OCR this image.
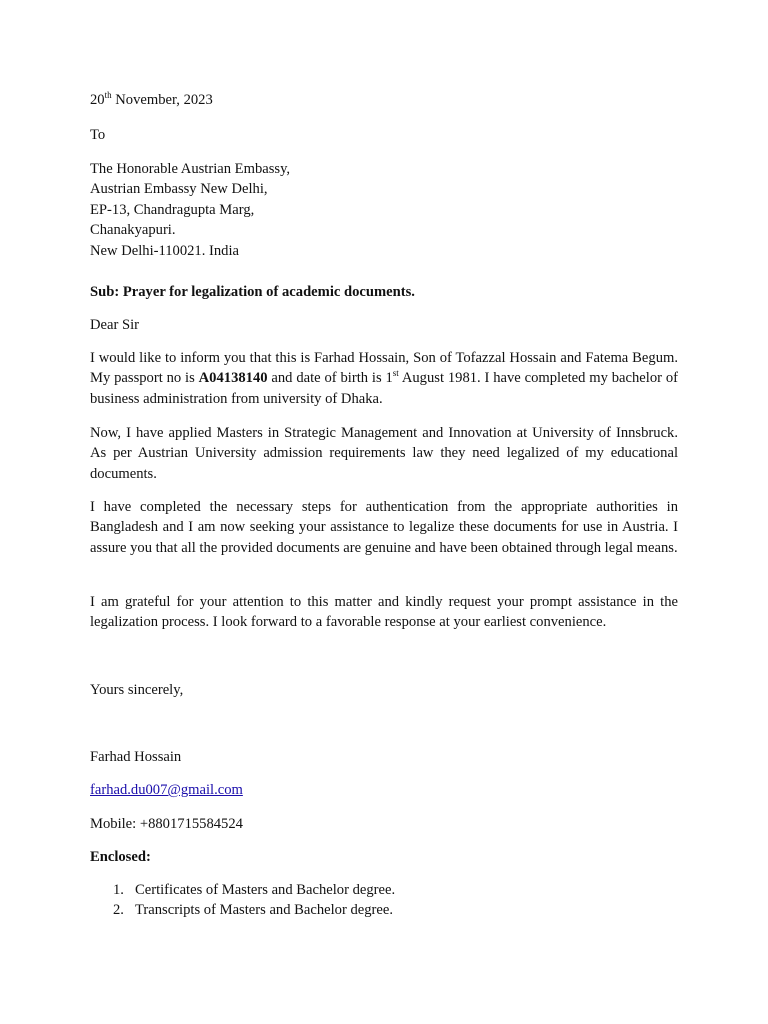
20th November, 2023

To

The Honorable Austrian Embassy,
Austrian Embassy New Delhi,
EP-13, Chandragupta Marg,
Chanakyapuri.
New Delhi-110021. India

Sub: Prayer for legalization of academic documents.

Dear Sir

I would like to inform you that this is Farhad Hossain, Son of Tofazzal Hossain and Fatema Begum. My passport no is A04138140 and date of birth is 1st August 1981. I have completed my bachelor of business administration from university of Dhaka.

Now, I have applied Masters in Strategic Management and Innovation at University of Innsbruck. As per Austrian University admission requirements law they need legalized of my educational documents.

I have completed the necessary steps for authentication from the appropriate authorities in Bangladesh and I am now seeking your assistance to legalize these documents for use in Austria. I assure you that all the provided documents are genuine and have been obtained through legal means.

I am grateful for your attention to this matter and kindly request your prompt assistance in the legalization process. I look forward to a favorable response at your earliest convenience.

Yours sincerely,

Farhad Hossain

farhad.du007@gmail.com

Mobile: +8801715584524

Enclosed:

1. Certificates of Masters and Bachelor degree.
2. Transcripts of Masters and Bachelor degree.
